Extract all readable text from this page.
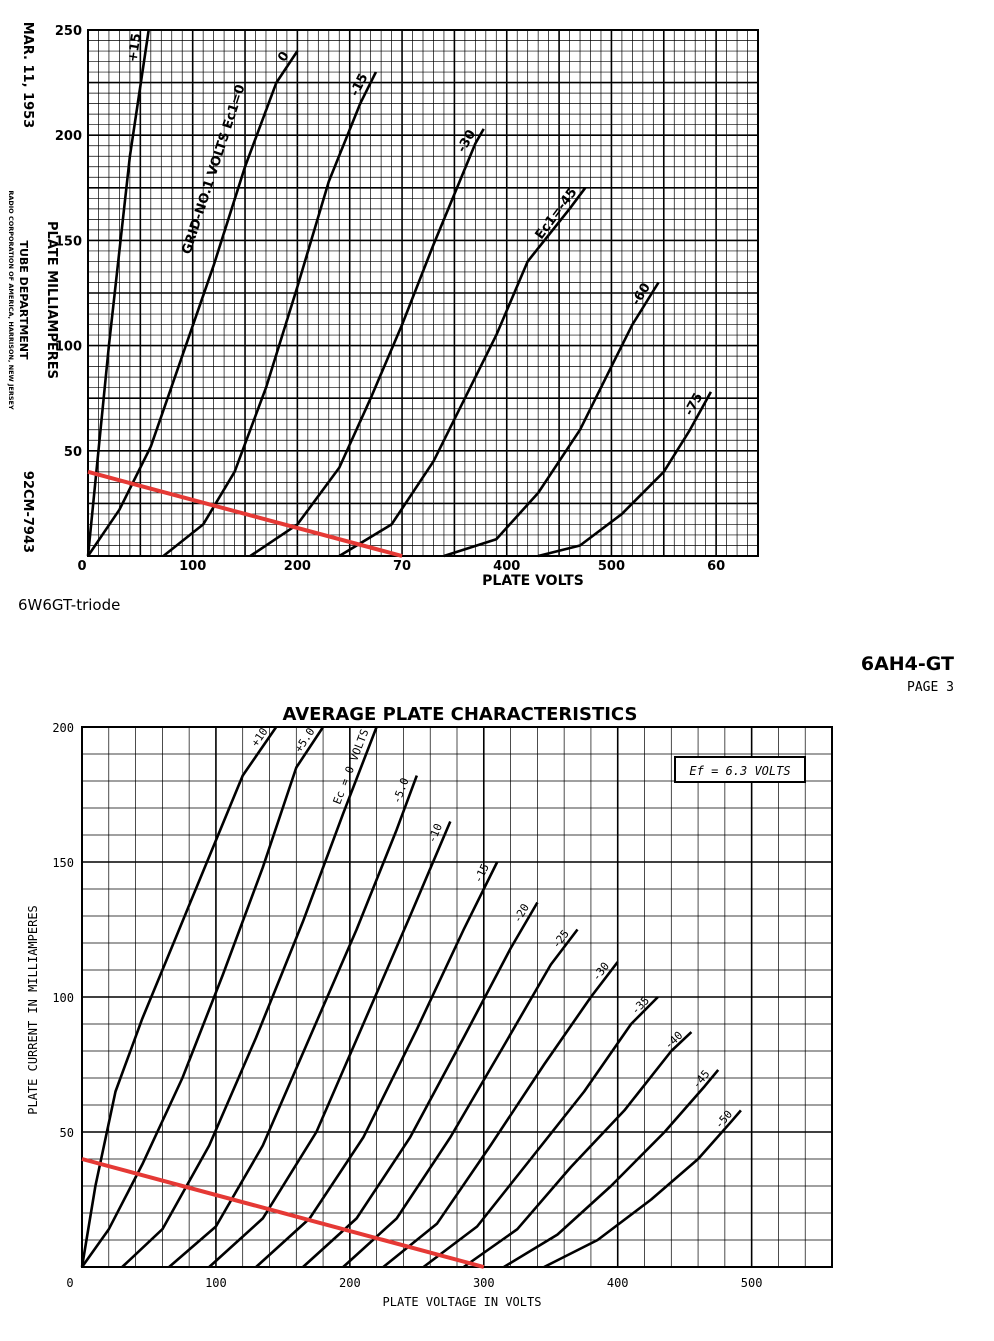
100	200	70	400	500	60
0
50
100
150
200
250
+15	0
-15
-30
Ec1=-45
-60
-75
PLATE VOLTS
PLATE MILLIAMPERES
MAR. 11, 1953
TUBE DEPARTMENT
RADIO CORPORATION OF AMERICA, HARRISON, NEW JERSEY
92CM-7943
GRID-NO.1 VOLTS Ec1=0
6W6GT-triode
100	200	300	400	500
0
200
150
100
50
+10 +5.0 Ec = 0 VOLTS -5.0
-10
-15
-20
-25
-30
-35
-40
-45
-50
6AH4-GT
PAGE 3
AVERAGE PLATE CHARACTERISTICS
PLATE VOLTAGE IN VOLTS
PLATE CURRENT IN MILLIAMPERES
Ef = 6.3 VOLTS
